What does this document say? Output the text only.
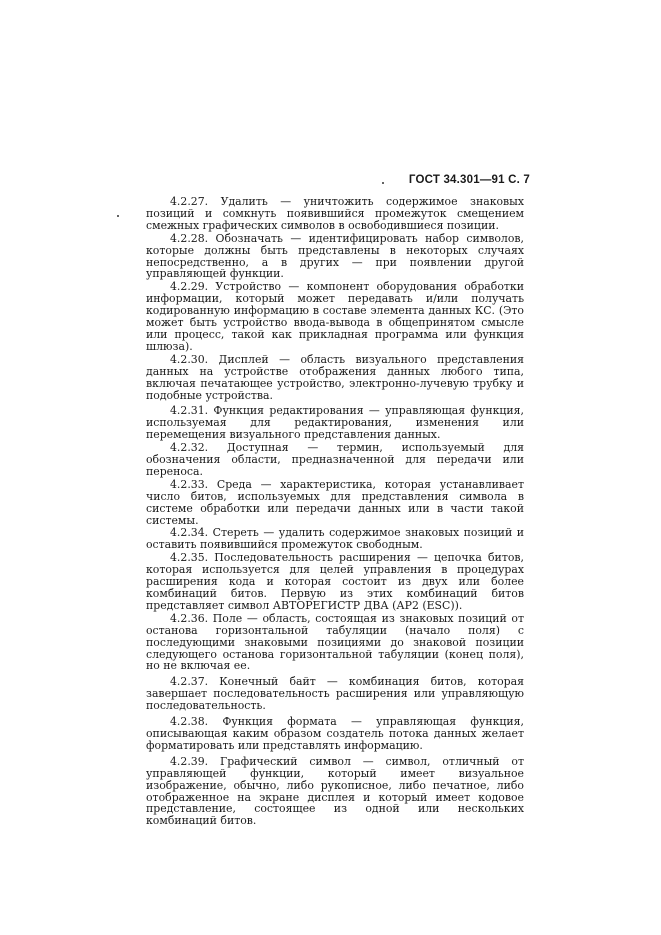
ГОСТ 34.301—91 С. 7

4.2.27. Удалить — уничтожить содержимое знаковых позиций и сомкнуть появившийся промежуток смещением смежных графических символов в освободившиеся позиции.

4.2.28. Обозначать — идентифицировать набор символов, которые должны быть представлены в некоторых случаях непосредственно, а в других — при появлении другой управляющей функции.

4.2.29. Устройство — компонент оборудования обработки информации, который может передавать и/или получать кодированную информацию в составе элемента данных КС. (Это может быть устройство ввода-вывода в общепринятом смысле или процесс, такой как прикладная программа или функция шлюза).

4.2.30. Дисплей — область визуального представления данных на устройстве отображения данных любого типа, включая печатающее устройство, электронно-лучевую трубку и подобные устройства.

4.2.31. Функция редактирования — управляющая функция, используемая для редактирования, изменения или перемещения визуального представления данных.

4.2.32. Доступная — термин, используемый для обозначения области, предназначенной для передачи или переноса.

4.2.33. Среда — характеристика, которая устанавливает число битов, используемых для представления символа в системе обработки или передачи данных или в части такой системы.

4.2.34. Стереть — удалить содержимое знаковых позиций и оставить появившийся промежуток свободным.

4.2.35. Последовательность расширения — цепочка битов, которая используется для целей управления в процедурах расширения кода и которая состоит из двух или более комбинаций битов. Первую из этих комбинаций битов представляет символ АВТОРЕГИСТР ДВА (АР2 (ESC)).

4.2.36. Поле — область, состоящая из знаковых позиций от останова горизонтальной табуляции (начало поля) с последующими знаковыми позициями до знаковой позиции следующего останова горизонтальной табуляции (конец поля), но не включая ее.

4.2.37. Конечный байт — комбинация битов, которая завершает последовательность расширения или управляющую последовательность.

4.2.38. Функция формата — управляющая функция, описывающая каким образом создатель потока данных желает форматировать или представлять информацию.

4.2.39. Графический символ — символ, отличный от управляющей функции, который имеет визуальное изображение, обычно, либо рукописное, либо печатное, либо отображенное на экране дисплея и который имеет кодовое представление, состоящее из одной или нескольких комбинаций битов.
